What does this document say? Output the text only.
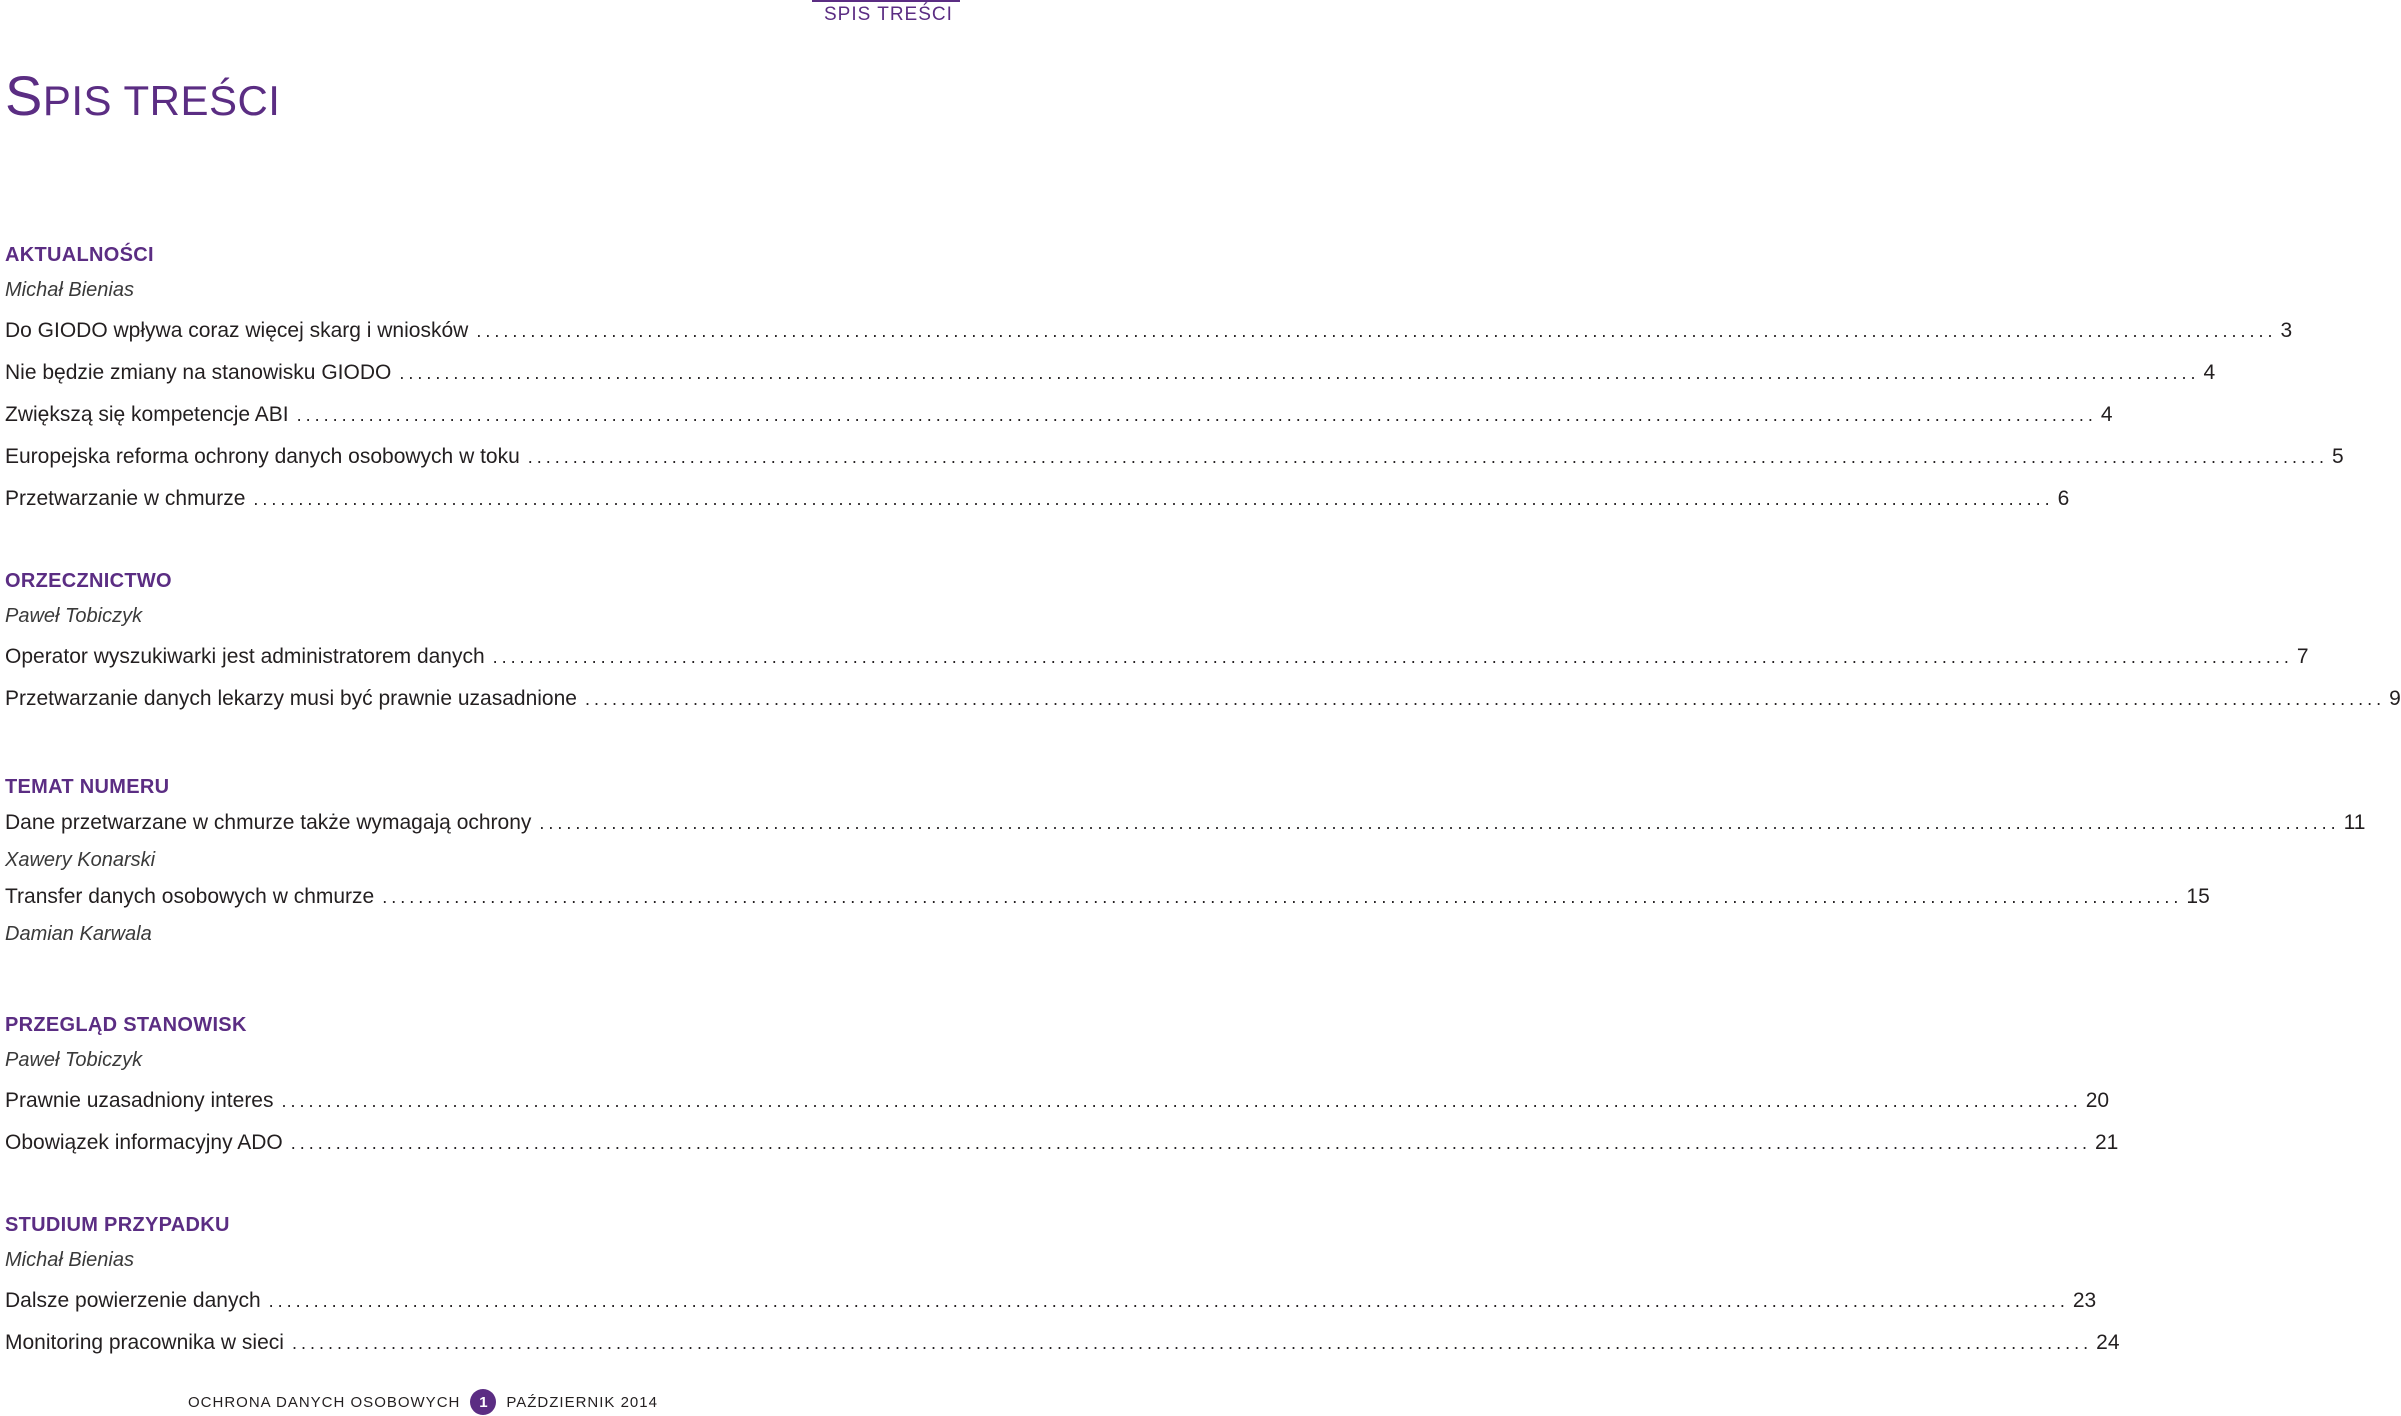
SPIS TREŚCI
SPIS TREŚCI
AKTUALNOŚCI
Michał Bienias
Do GIODO wpływa coraz więcej skarg i wniosków ........................................................................................................................................................................................................ 3
Nie będzie zmiany na stanowisku GIODO ........................................................................................................................................................................................................ 4
Zwiększą się kompetencje ABI ........................................................................................................................................................................................................ 4
Europejska reforma ochrony danych osobowych w toku ........................................................................................................................................................................................................ 5
Przetwarzanie w chmurze ........................................................................................................................................................................................................ 6
ORZECZNICTWO
Paweł Tobiczyk
Operator wyszukiwarki jest administratorem danych ........................................................................................................................................................................................................ 7
Przetwarzanie danych lekarzy musi być prawnie uzasadnione ........................................................................................................................................................................................................ 9
TEMAT NUMERU
Dane przetwarzane w chmurze także wymagają ochrony ........................................................................................................................................................................................................ 11
Xawery Konarski
Transfer danych osobowych w chmurze ........................................................................................................................................................................................................ 15
Damian Karwala
PRZEGLĄD STANOWISK
Paweł Tobiczyk
Prawnie uzasadniony interes ........................................................................................................................................................................................................ 20
Obowiązek informacyjny ADO ........................................................................................................................................................................................................ 21
STUDIUM PRZYPADKU
Michał Bienias
Dalsze powierzenie danych ........................................................................................................................................................................................................ 23
Monitoring pracownika w sieci ........................................................................................................................................................................................................ 24
OCHRONA DANYCH OSOBOWYCH	1	PAŹDZIERNIK 2014
